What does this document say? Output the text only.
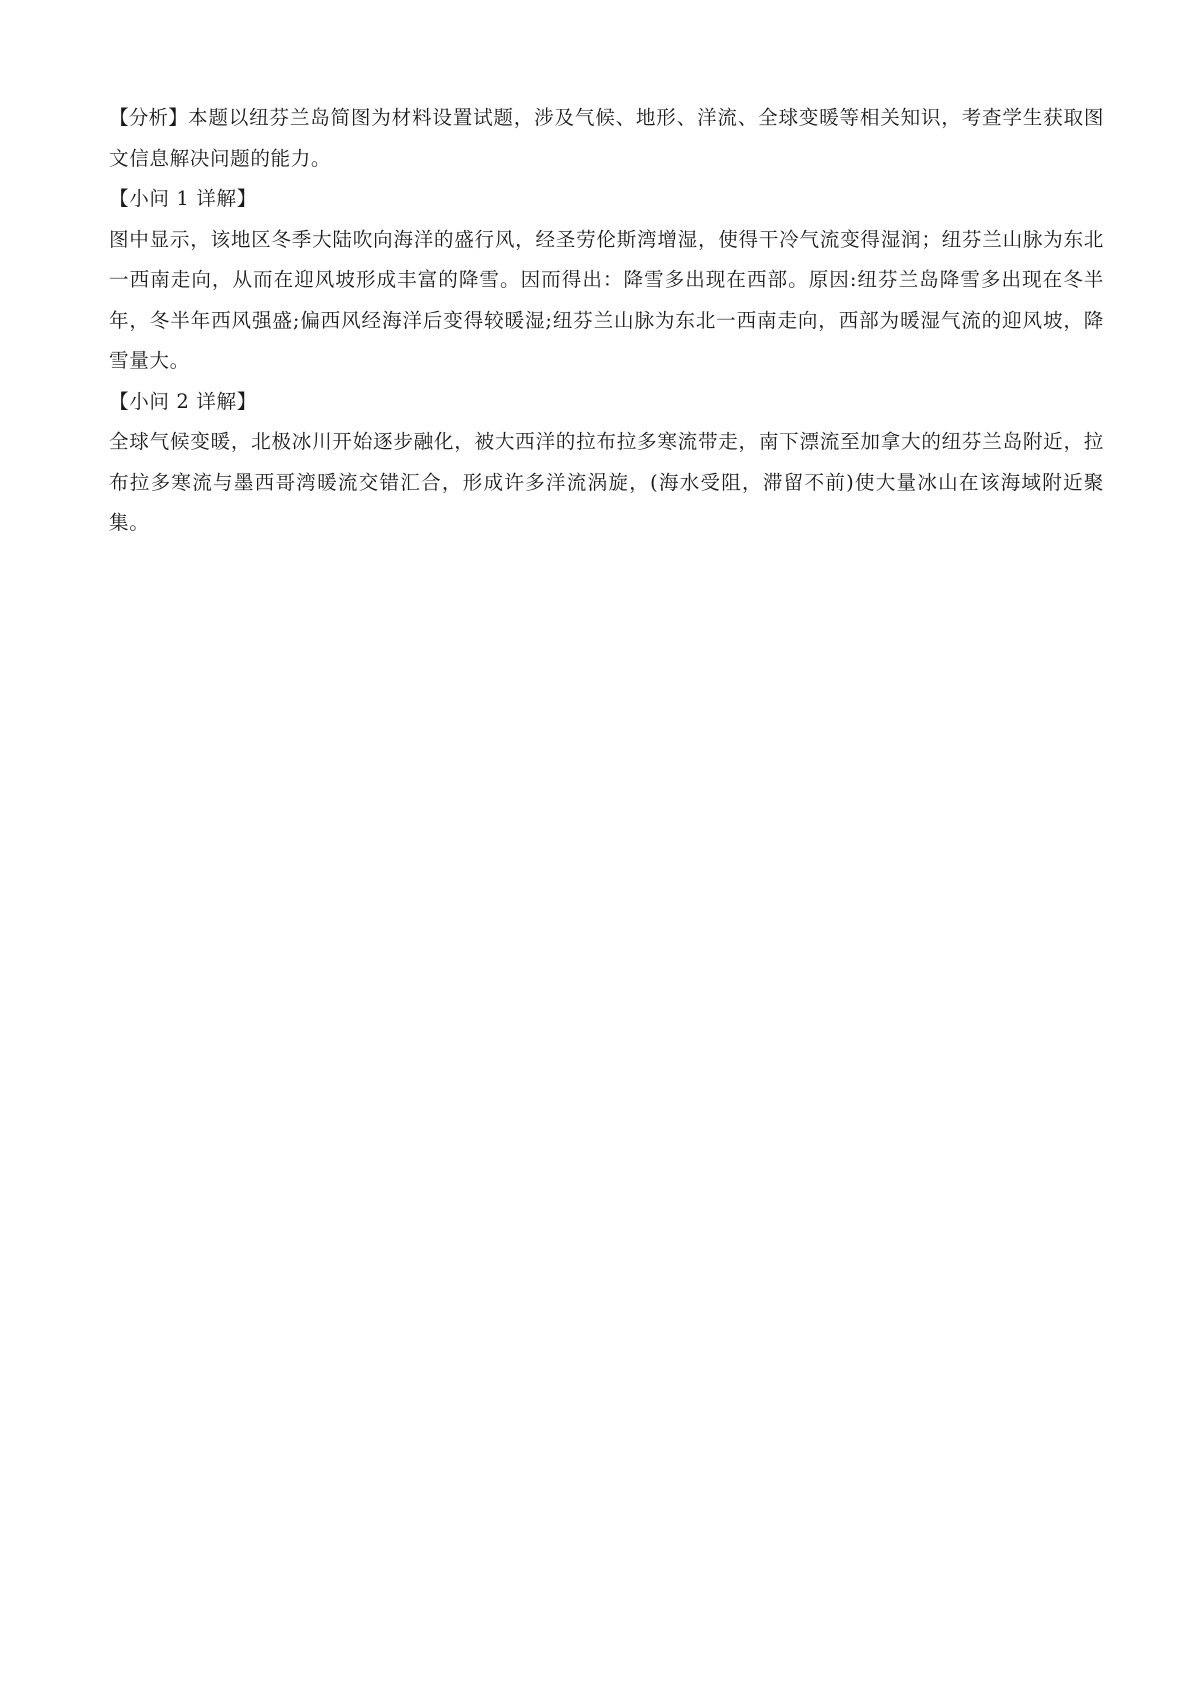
【分析】本题以纽芬兰岛简图为材料设置试题，涉及气候、地形、洋流、全球变暖等相关知识，考查学生获取图文信息解决问题的能力。

【小问 1 详解】

图中显示，该地区冬季大陆吹向海洋的盛行风，经圣劳伦斯湾增湿，使得干冷气流变得湿润；纽芬兰山脉为东北一西南走向，从而在迎风坡形成丰富的降雪。因而得出：降雪多出现在西部。原因:纽芬兰岛降雪多出现在冬半年，冬半年西风强盛;偏西风经海洋后变得较暖湿;纽芬兰山脉为东北一西南走向，西部为暖湿气流的迎风坡，降雪量大。

【小问 2 详解】

全球气候变暖，北极冰川开始逐步融化，被大西洋的拉布拉多寒流带走，南下漂流至加拿大的纽芬兰岛附近，拉布拉多寒流与墨西哥湾暖流交错汇合，形成许多洋流涡旋，(海水受阻，滞留不前)使大量冰山在该海域附近聚集。
